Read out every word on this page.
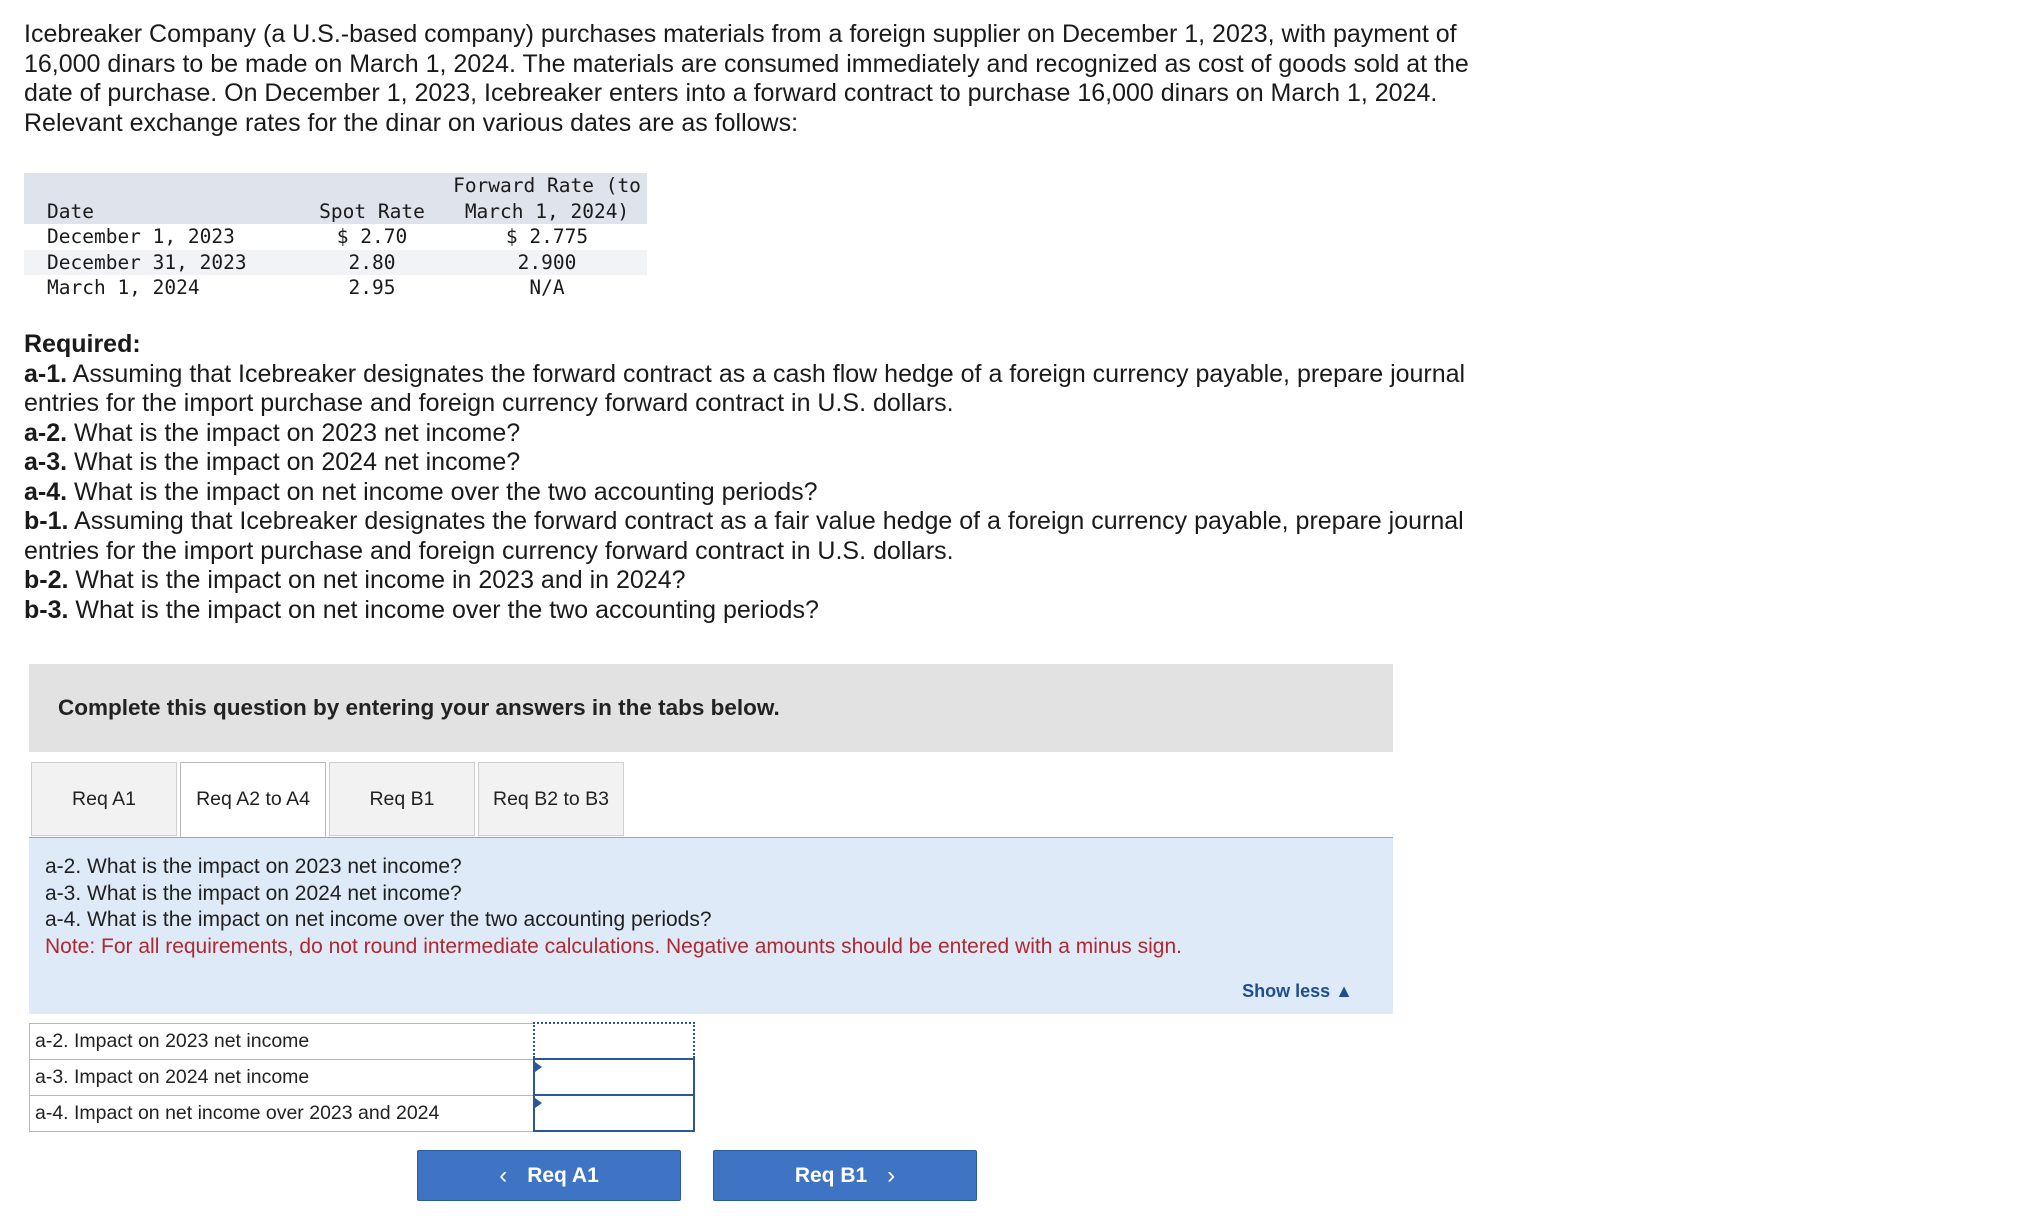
Icebreaker Company (a U.S.-based company) purchases materials from a foreign supplier on December 1, 2023, with payment of 16,000 dinars to be made on March 1, 2024. The materials are consumed immediately and recognized as cost of goods sold at the date of purchase. On December 1, 2023, Icebreaker enters into a forward contract to purchase 16,000 dinars on March 1, 2024. Relevant exchange rates for the dinar on various dates are as follows:
Date	Spot Rate	Forward Rate (to
March 1, 2024)
December 1, 2023	$ 2.70	$ 2.775
December 31, 2023	2.80	2.900
March 1, 2024	2.95	N/A
Required:
a-1. Assuming that Icebreaker designates the forward contract as a cash flow hedge of a foreign currency payable, prepare journal entries for the import purchase and foreign currency forward contract in U.S. dollars.
a-2. What is the impact on 2023 net income?
a-3. What is the impact on 2024 net income?
a-4. What is the impact on net income over the two accounting periods?
b-1. Assuming that Icebreaker designates the forward contract as a fair value hedge of a foreign currency payable, prepare journal entries for the import purchase and foreign currency forward contract in U.S. dollars.
b-2. What is the impact on net income in 2023 and in 2024?
b-3. What is the impact on net income over the two accounting periods?
Complete this question by entering your answers in the tabs below.
Req A1	Req A2 to A4	Req B1	Req B2 to B3
a-2. What is the impact on 2023 net income?
a-3. What is the impact on 2024 net income?
a-4. What is the impact on net income over the two accounting periods?
Note: For all requirements, do not round intermediate calculations. Negative amounts should be entered with a minus sign.
Show less ▲
a-2. Impact on 2023 net income	
a-3. Impact on 2024 net income	

a-4. Impact on net income over 2023 and 2024	
‹ Req A1	Req B1 ›
